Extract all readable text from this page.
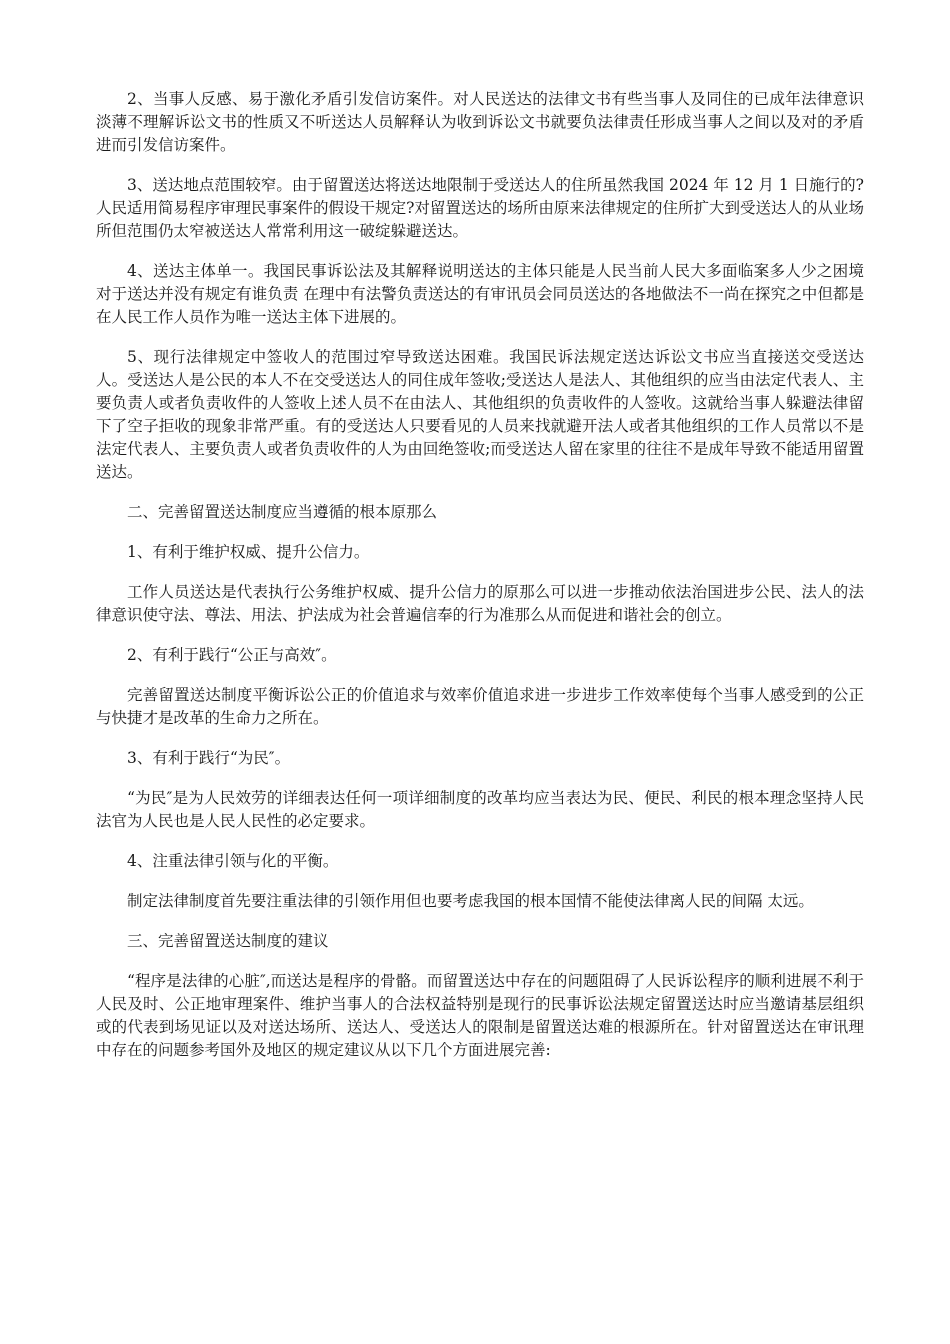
2、当事人反感、易于激化矛盾引发信访案件。对人民送达的法律文书有些当事人及同住的已成年法律意识淡薄不理解诉讼文书的性质又不听送达人员解释认为收到诉讼文书就要负法律责任形成当事人之间以及对的矛盾进而引发信访案件。

3、送达地点范围较窄。由于留置送达将送达地限制于受送达人的住所虽然我国 2024 年 12 月 1 日施行的?人民适用简易程序审理民事案件的假设干规定?对留置送达的场所由原来法律规定的住所扩大到受送达人的从业场所但范围仍太窄被送达人常常利用这一破绽躲避送达。

4、送达主体单一。我国民事诉讼法及其解释说明送达的主体只能是人民当前人民大多面临案多人少之困境对于送达并没有规定有谁负责 在理中有法警负责送达的有审讯员会同员送达的各地做法不一尚在探究之中但都是在人民工作人员作为唯一送达主体下进展的。

5、现行法律规定中签收人的范围过窄导致送达困难。我国民诉法规定送达诉讼文书应当直接送交受送达人。受送达人是公民的本人不在交受送达人的同住成年签收;受送达人是法人、其他组织的应当由法定代表人、主要负责人或者负责收件的人签收上述人员不在由法人、其他组织的负责收件的人签收。这就给当事人躲避法律留下了空子拒收的现象非常严重。有的受送达人只要看见的人员来找就避开法人或者其他组织的工作人员常以不是法定代表人、主要负责人或者负责收件的人为由回绝签收;而受送达人留在家里的往往不是成年导致不能适用留置送达。

二、完善留置送达制度应当遵循的根本原那么

1、有利于维护权威、提升公信力。

工作人员送达是代表执行公务维护权威、提升公信力的原那么可以进一步推动依法治国进步公民、法人的法律意识使守法、尊法、用法、护法成为社会普遍信奉的行为准那么从而促进和谐社会的创立。

2、有利于践行“公正与高效″。

完善留置送达制度平衡诉讼公正的价值追求与效率价值追求进一步进步工作效率使每个当事人感受到的公正与快捷才是改革的生命力之所在。

3、有利于践行“为民″。

“为民″是为人民效劳的详细表达任何一项详细制度的改革均应当表达为民、便民、利民的根本理念坚持人民法官为人民也是人民人民性的必定要求。

4、注重法律引领与化的平衡。

制定法律制度首先要注重法律的引领作用但也要考虑我国的根本国情不能使法律离人民的间隔 太远。

三、完善留置送达制度的建议

“程序是法律的心脏″,而送达是程序的骨骼。而留置送达中存在的问题阻碍了人民诉讼程序的顺利进展不利于人民及时、公正地审理案件、维护当事人的合法权益特别是现行的民事诉讼法规定留置送达时应当邀请基层组织或的代表到场见证以及对送达场所、送达人、受送达人的限制是留置送达难的根源所在。针对留置送达在审讯理中存在的问题参考国外及地区的规定建议从以下几个方面进展完善:
